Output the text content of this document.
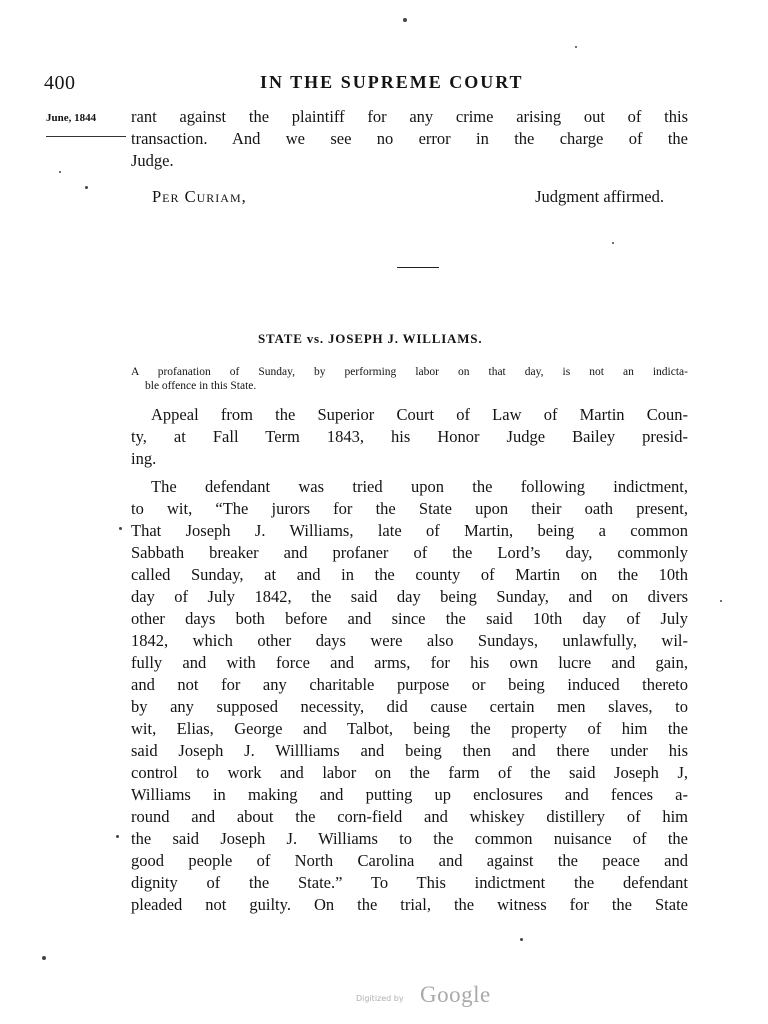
400	IN THE SUPREME COURT
June, 1844 rant against the plaintiff for any crime arising out of this
transaction. And we see no error in the charge of the
Judge.
Per Curiam,	Judgment affirmed.
STATE vs. JOSEPH J. WILLIAMS.
A profanation of Sunday, by performing labor on that day, is not an indicta-
ble offence in this State.
Appeal from the Superior Court of Law of Martin Coun-
ty, at Fall Term 1843, his Honor Judge Bailey presid-
ing.
The defendant was tried upon the following indictment,
to wit, “The jurors for the State upon their oath present,
That Joseph J. Williams, late of Martin, being a common
Sabbath breaker and profaner of the Lord’s day, commonly
called Sunday, at and in the county of Martin on the 10th
day of July 1842, the said day being Sunday, and on divers
other days both before and since the said 10th day of July
1842, which other days were also Sundays, unlawfully, wil-
fully and with force and arms, for his own lucre and gain,
and not for any charitable purpose or being induced thereto
by any supposed necessity, did cause certain men slaves, to
wit, Elias, George and Talbot, being the property of him the
said Joseph J. Willliams and being then and there under his
control to work and labor on the farm of the said Joseph J,
Williams in making and putting up enclosures and fences a-
round and about the corn-field and whiskey distillery of him
the said Joseph J. Williams to the common nuisance of the
good people of North Carolina and against the peace and
dignity of the State.” To This indictment the defendant
pleaded not guilty. On the trial, the witness for the State
Digitized by Google
